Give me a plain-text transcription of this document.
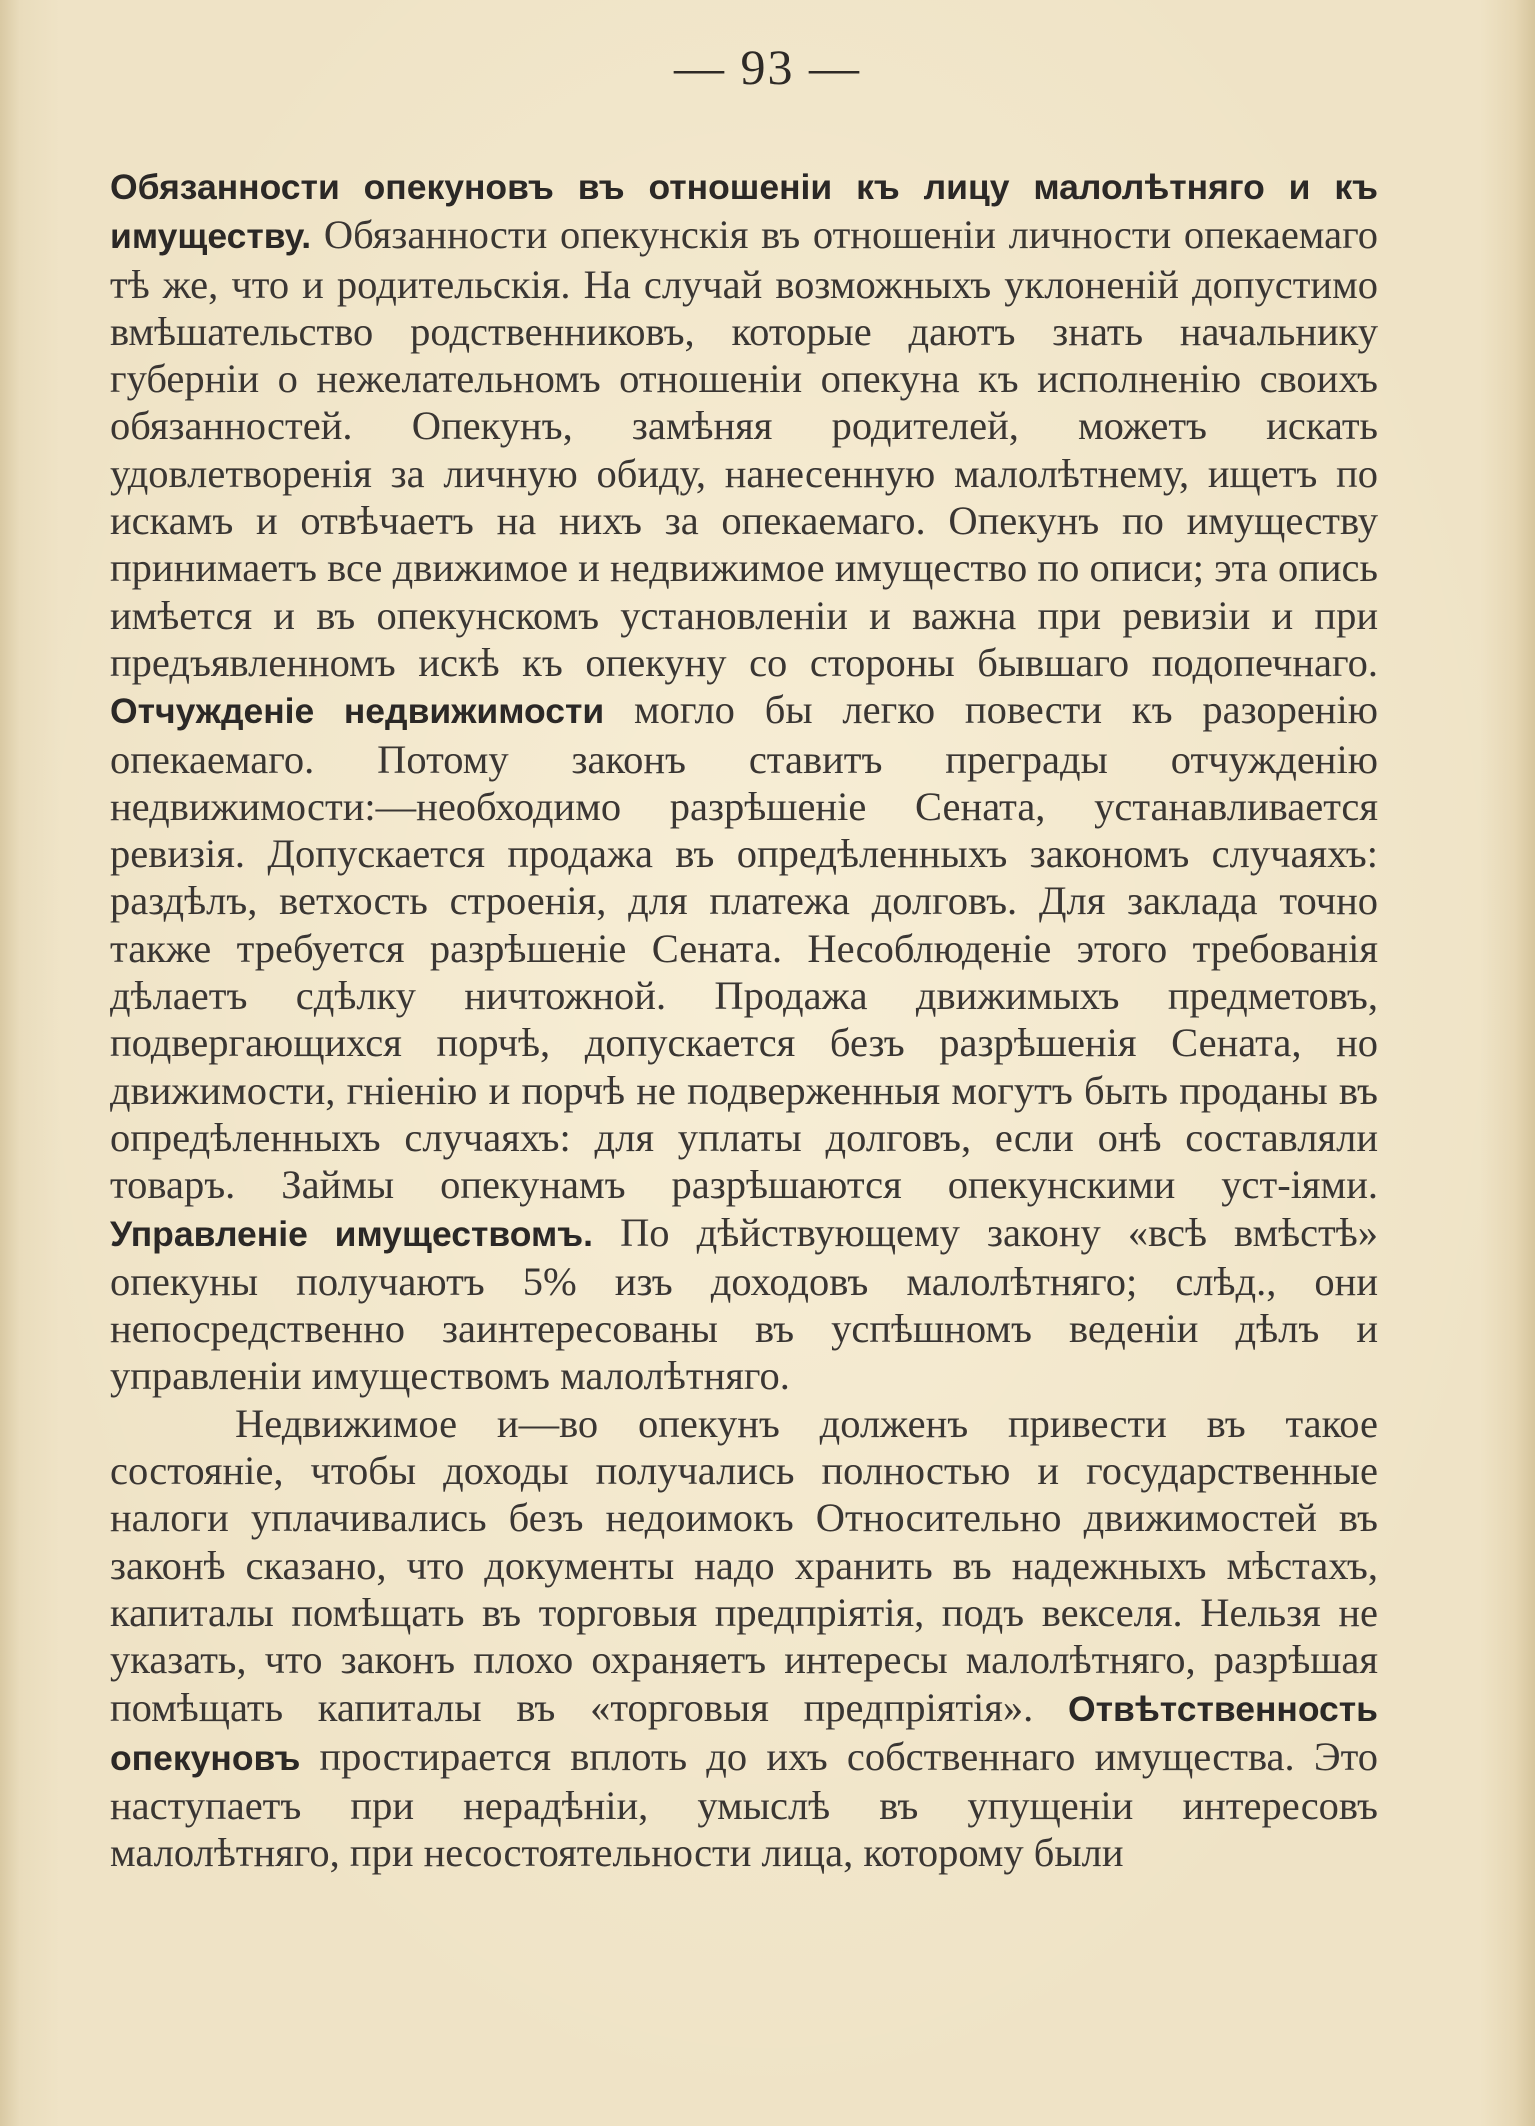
— 93 —

Обязанности опекуновъ въ отношеніи къ лицу малолѣтняго и къ имуществу. Обязанности опекунскія въ отношеніи личности опекаемаго тѣ же, что и родительскія. На случай возможныхъ уклоненій допустимо вмѣшательство родственниковъ, которые даютъ знать начальнику губерніи о нежелательномъ отношеніи опекуна къ исполненію своихъ обязанностей. Опекунъ, замѣняя родителей, можетъ искать удовлетворенія за личную обиду, нанесенную малолѣтнему, ищетъ по искамъ и отвѣчаетъ на нихъ за опекаемаго. Опекунъ по имуществу принимаетъ все движимое и недвижимое имущество по описи; эта опись имѣется и въ опекунскомъ установленіи и важна при ревизіи и при предъявленномъ искѣ къ опекуну со стороны бывшаго подопечнаго. Отчужденіе недвижимости могло бы легко повести къ разоренію опекаемаго. Потому законъ ставитъ преграды отчужденію недвижимости:—необходимо разрѣшеніе Сената, устанавливается ревизія. Допускается продажа въ опредѣленныхъ закономъ случаяхъ: раздѣлъ, ветхость строенія, для платежа долговъ. Для заклада точно также требуется разрѣшеніе Сената. Несоблюденіе этого требованія дѣлаетъ сдѣлку ничтожной. Продажа движимыхъ предметовъ, подвергающихся порчѣ, допускается безъ разрѣшенія Сената, но движимости, гніенію и порчѣ не подверженныя могутъ быть проданы въ опредѣленныхъ случаяхъ: для уплаты долговъ, если онѣ составляли товаръ. Займы опекунамъ разрѣшаются опекунскими уст-іями. Управленіе имуществомъ. По дѣйствующему закону «всѣ вмѣстѣ» опекуны получаютъ 5% изъ доходовъ малолѣтняго; слѣд., они непосредственно заинтересованы въ успѣшномъ веденіи дѣлъ и управленіи имуществомъ малолѣтняго.

Недвижимое и—во опекунъ долженъ привести въ такое состояніе, чтобы доходы получались полностью и государственные налоги уплачивались безъ недоимокъ Относительно движимостей въ законѣ сказано, что документы надо хранить въ надежныхъ мѣстахъ, капиталы помѣщать въ торговыя предпріятія, подъ векселя. Нельзя не указать, что законъ плохо охраняетъ интересы малолѣтняго, разрѣшая помѣщать капиталы въ «торговыя предпріятія». Отвѣтственность опекуновъ простирается вплоть до ихъ собственнаго имущества. Это наступаетъ при нерадѣніи, умыслѣ въ упущеніи интересовъ малолѣтняго, при несостоятельности лица, которому были
